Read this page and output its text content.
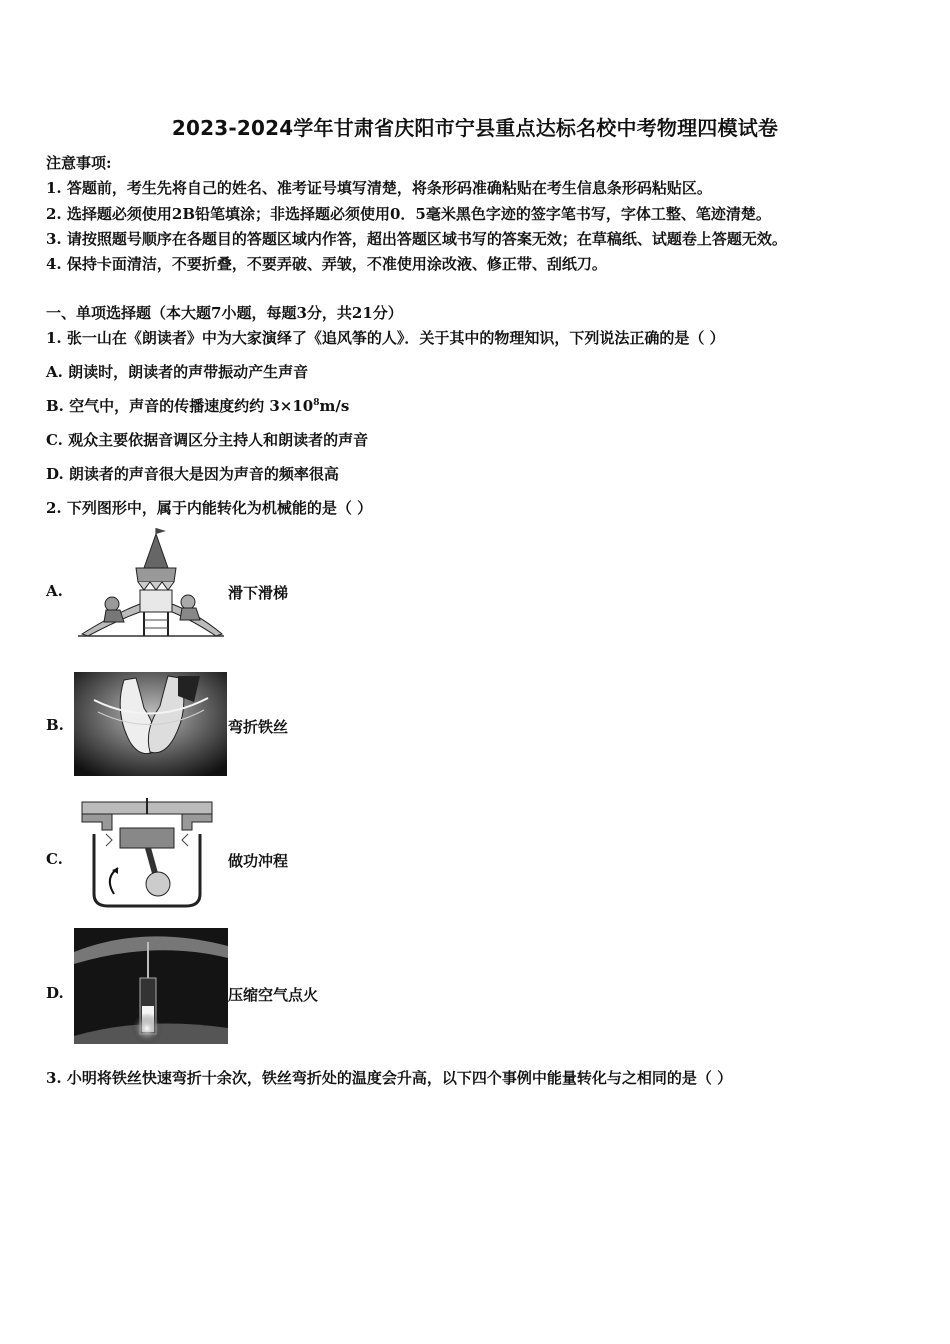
2023-2024学年甘肃省庆阳市宁县重点达标名校中考物理四模试卷
注意事项:
1. 答题前，考生先将自己的姓名、准考证号填写清楚，将条形码准确粘贴在考生信息条形码粘贴区。
2. 选择题必须使用2B铅笔填涂；非选择题必须使用0．5毫米黑色字迹的签字笔书写，字体工整、笔迹清楚。
3. 请按照题号顺序在各题目的答题区域内作答，超出答题区域书写的答案无效；在草稿纸、试题卷上答题无效。
4. 保持卡面清洁，不要折叠，不要弄破、弄皱，不准使用涂改液、修正带、刮纸刀。
一、单项选择题（本大题7小题，每题3分，共21分）
1. 张一山在《朗读者》中为大家演绎了《追风筝的人》．关于其中的物理知识，下列说法正确的是（ ）
A. 朗读时，朗读者的声带振动产生声音
B. 空气中，声音的传播速度约约 $3\times 10^8m/s$
C. 观众主要依据音调区分主持人和朗读者的声音
D. 朗读者的声音很大是因为声音的频率很高
2. 下列图形中，属于内能转化为机械能的是（ ）
A.	滑下滑梯
B.	弯折铁丝
C.	做功冲程
D.	压缩空气点火
3. 小明将铁丝快速弯折十余次，铁丝弯折处的温度会升高，以下四个事例中能量转化与之相同的是（ ）
